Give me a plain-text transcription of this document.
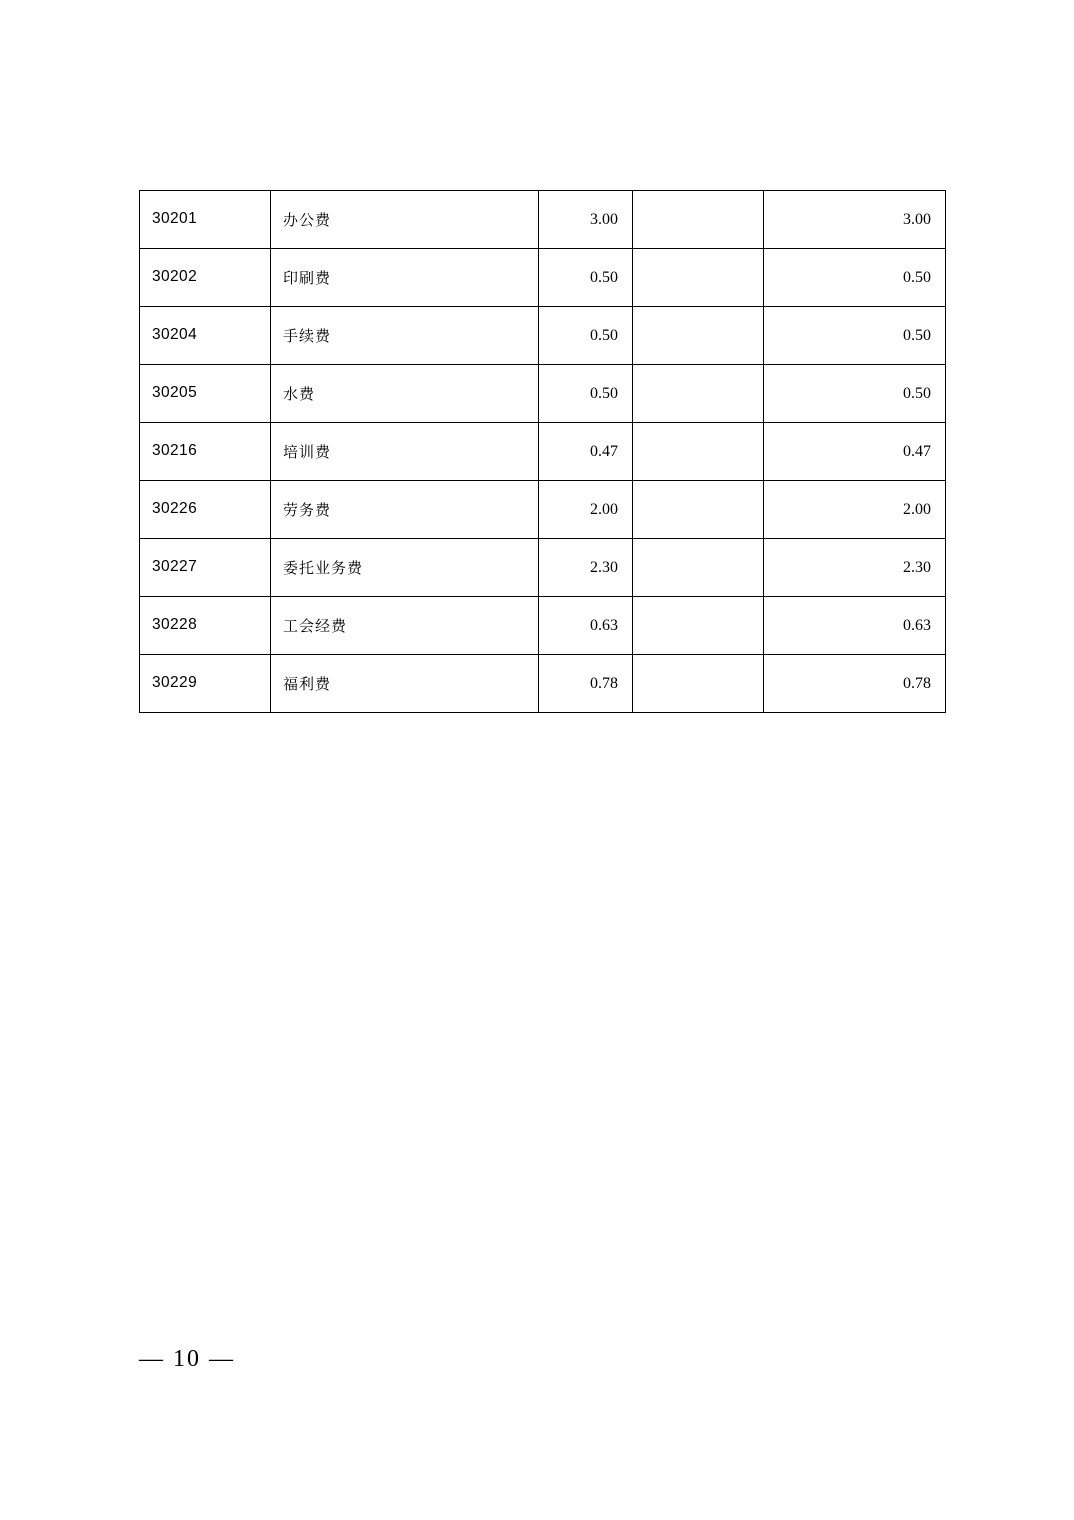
30201	办公费	3.00		3.00
30202	印刷费	0.50		0.50
30204	手续费	0.50		0.50
30205	水费	0.50		0.50
30216	培训费	0.47		0.47
30226	劳务费	2.00		2.00
30227	委托业务费	2.30		2.30
30228	工会经费	0.63		0.63
30229	福利费	0.78		0.78
— 10 —
